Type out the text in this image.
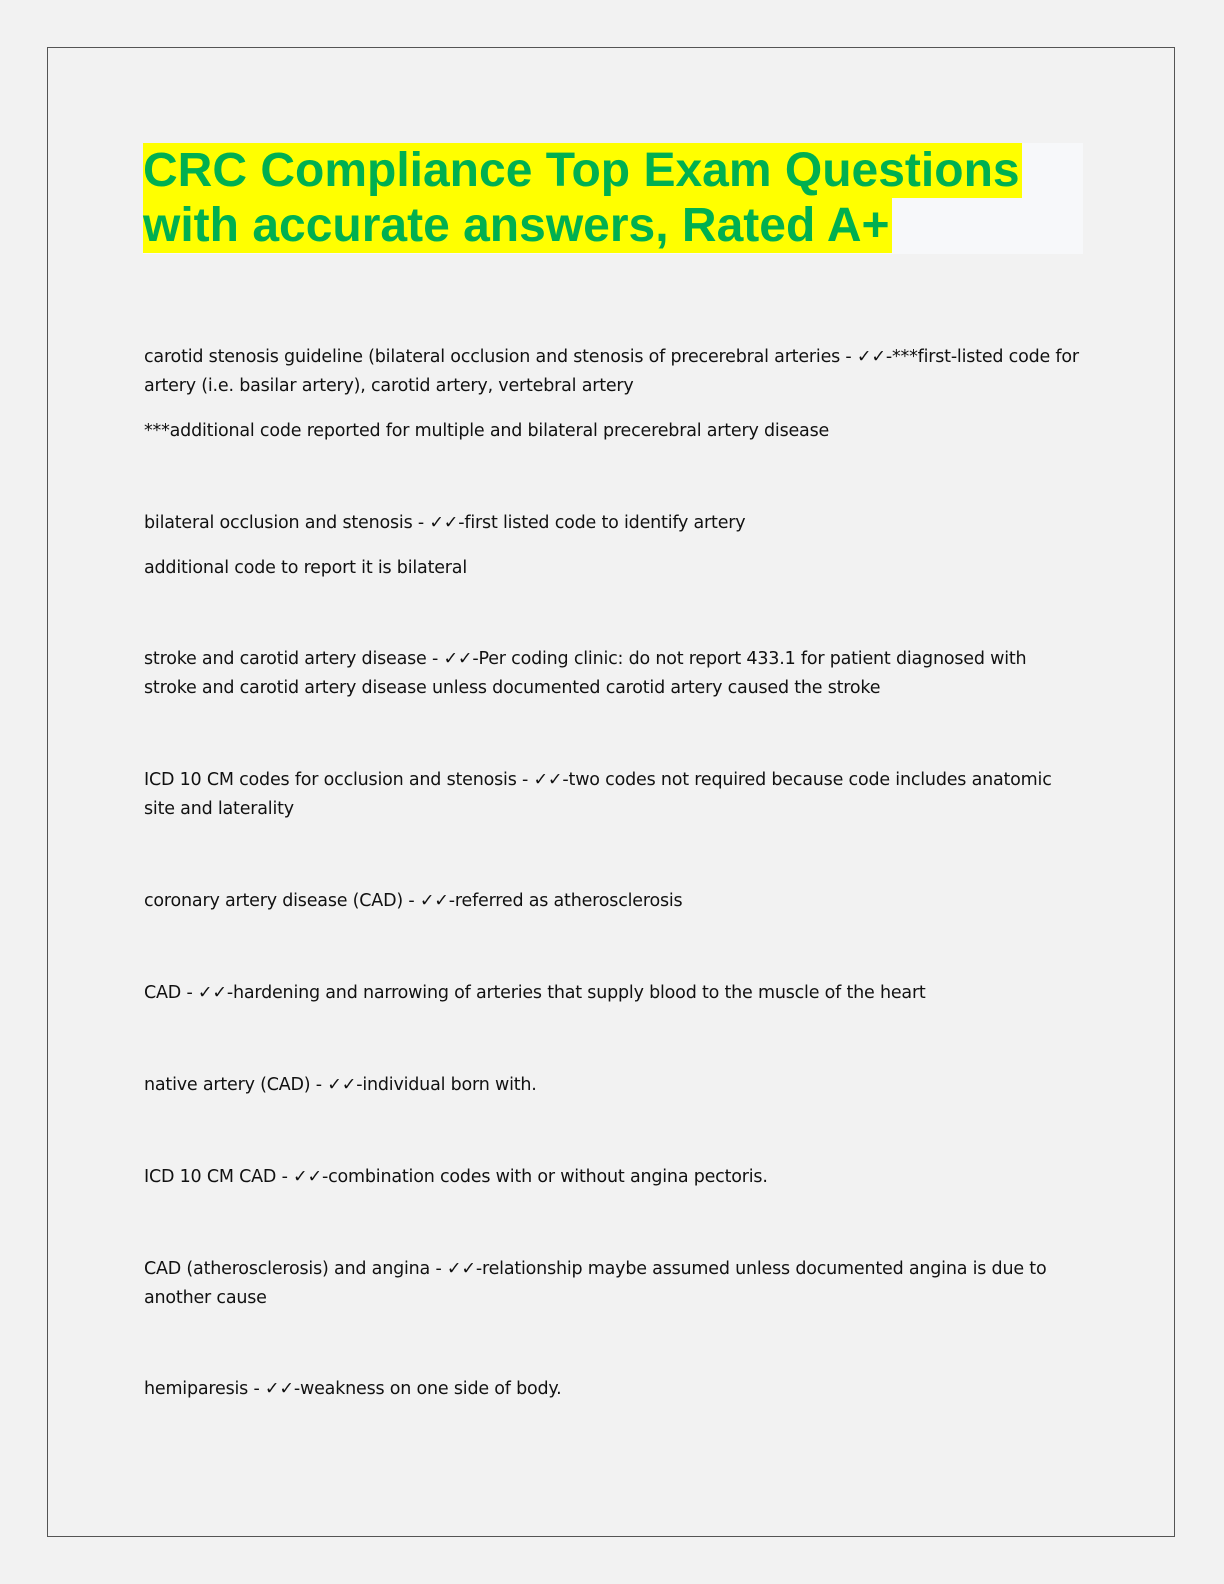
CRC Compliance Top Exam Questions
with accurate answers, Rated A+

carotid stenosis guideline (bilateral occlusion and stenosis of precerebral arteries - ✓✓-***first-listed code for artery (i.e. basilar artery), carotid artery, vertebral artery

***additional code reported for multiple and bilateral precerebral artery disease

bilateral occlusion and stenosis - ✓✓-first listed code to identify artery

additional code to report it is bilateral

stroke and carotid artery disease - ✓✓-Per coding clinic: do not report 433.1 for patient diagnosed with stroke and carotid artery disease unless documented carotid artery caused the stroke

ICD 10 CM codes for occlusion and stenosis - ✓✓-two codes not required because code includes anatomic site and laterality

coronary artery disease (CAD) - ✓✓-referred as atherosclerosis

CAD - ✓✓-hardening and narrowing of arteries that supply blood to the muscle of the heart

native artery (CAD) - ✓✓-individual born with.

ICD 10 CM CAD - ✓✓-combination codes with or without angina pectoris.

CAD (atherosclerosis) and angina - ✓✓-relationship maybe assumed unless documented angina is due to another cause

hemiparesis - ✓✓-weakness on one side of body.
